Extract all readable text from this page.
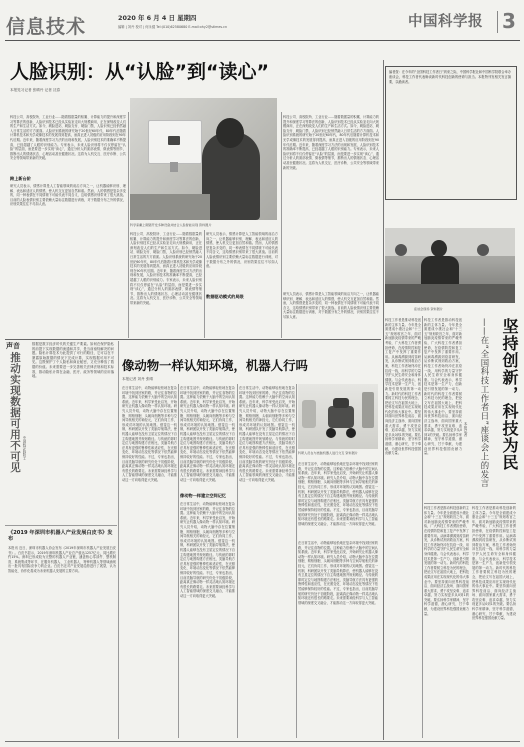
信息技术	2020 年 6 月 4 日 星期四
编辑 | 刘丹 校对 | 何永健 Tel:(010)62580680 E-mail:xhy2@stimes.cn	中国科学报 3
人脸识别：从“认脸”到“读心”
本报见习记者 张晴丹 记者 沈春
科学家戴上眼镜开发多种设备并结合人脸智能识别 资料图片
科技公司、高校院所、工业行业……随着数据量的积累、计算能力的提升和深度学习等算法的创新，人脸识别技术已经从实验室走向大规模商用，正在深刻改变人们的生产和生活方式。如今，刷脸进站、刷脸支付、刷脸门禁，人脸识别已经悄然融入日常生活的方方面面。人脸识别系统的研究始于20世纪60年代，80年代后随着计算机技术和光学成像技术的发展得到提高，而真正进入初级的应用阶段则在90年代后期。近年来，随着深度学习方法的出现和发展，人脸识别技术的准确率不断提高，已经超越了人眼的识别能力。专家表示，未来人脸识别将不仅仅停留在“认脸”的层面，而是要进一步实现“读心”，通过分析人的面部表情、微表情等细节，推断出人的情绪状态、心理活动甚至健康状况。这将为人机交互、医疗诊断、公共安全等领域带来新的突破。
跨上新台阶
研究人员表示，情感计算是人工智能领域的前沿方向之一，让机器能够识别、理解、表达和适应人的情感，使人机交互更加自然和谐。然而，人的情感是复杂多变的，同一种表情在不同情境下可能代表不同含义，这给情感识别带来了很大挑战。目前的人脸表情识别主要依赖大量标注数据进行训练，对于数据分布之外的情况，识别效果往往不尽如人意。
科技公司、高校院所、工业行业……随着数据量的积累、计算能力的提升和深度学习等算法的创新，人脸识别技术已经从实验室走向大规模商用，正在深刻改变人们的生产和生活方式。如今，刷脸进站、刷脸支付、刷脸门禁，人脸识别已经悄然融入日常生活的方方面面。人脸识别系统的研究始于20世纪60年代，80年代后随着计算机技术和光学成像技术的发展得到提高，而真正进入初级的应用阶段则在90年代后期。近年来，随着深度学习方法的出现和发展，人脸识别技术的准确率不断提高，已经超越了人眼的识别能力。专家表示，未来人脸识别将不仅仅停留在“认脸”的层面，而是要进一步实现“读心”，通过分析人的面部表情、微表情等细节，推断出人的情绪状态、心理活动甚至健康状况。这将为人机交互、医疗诊断、公共安全等领域带来新的突破。
研究人员表示，情感计算是人工智能领域的前沿方向之一，让机器能够识别、理解、表达和适应人的情感，使人机交互更加自然和谐。然而，人的情感是复杂多变的，同一种表情在不同情境下可能代表不同含义，这给情感识别带来了很大挑战。目前的人脸表情识别主要依赖大量标注数据进行训练，对于数据分布之外的情况，识别效果往往不尽如人意。
科技公司、高校院所、工业行业……随着数据量的积累、计算能力的提升和深度学习等算法的创新，人脸识别技术已经从实验室走向大规模商用，正在深刻改变人们的生产和生活方式。如今，刷脸进站、刷脸支付、刷脸门禁，人脸识别已经悄然融入日常生活的方方面面。人脸识别系统的研究始于20世纪60年代，80年代后随着计算机技术和光学成像技术的发展得到提高，而真正进入初级的应用阶段则在90年代后期。近年来，随着深度学习方法的出现和发展，人脸识别技术的准确率不断提高，已经超越了人眼的识别能力。专家表示，未来人脸识别将不仅仅停留在“认脸”的层面，而是要进一步实现“读心”，通过分析人的面部表情、微表情等细节，推断出人的情绪状态、心理活动甚至健康状况。这将为人机交互、医疗诊断、公共安全等领域带来新的突破。
数据驱动模式的局限	研究人员表示，情感计算是人工智能领域的前沿方向之一，让机器能够识别、理解、表达和适应人的情感，使人机交互更加自然和谐。然而，人的情感是复杂多变的，同一种表情在不同情境下可能代表不同含义，这给情感识别带来了很大挑战。目前的人脸表情识别主要依赖大量标注数据进行训练，对于数据分布之外的情况，识别效果往往不尽如人意。
编者按：在今年的“全国科技工作者日”到来之际，中国科学报社和中国科学院联合举办座谈会，科技工作者代表畅谈新时代科技创新的使命与担当。本报特刊发相关发言摘要，以飨读者。
座谈会现场 资料图片
坚持创新，科技为民
——在“全国科技工作者日”座谈会上的发言
本报记者
科技工作者是推动科技创新的主体力量。今年是全面建成小康社会和“十三五”规划收官之年，面对新冠肺炎疫情带来的严峻考验，广大科技工作者勇担使命，在疫情防控和复工复产中发挥了重要作用。从病毒溯源到疫苗研发，从诊断试剂到救治方案，科技工作者始终冲在抗疫一线，用科学的力量守护人民生命安全和身体健康。与会代表表示，科学技术是第一生产力，创新是引领发展的第一动力。新时代的科技工作者要树立科技为民的理念，把论文写在祖国大地上，把科技成果应用在实现现代化的伟大事业中。要坚持面向世界科技前沿、面向经济主战场、面向国家重大需求，勇于攻坚克难、追求卓越，努力实现更多从0到1的突破。要弘扬科学家精神，坚守科学道德，潜心研究，甘于奉献，为建设世界科技强国贡献力量。
科技工作者是推动科技创新的主体力量。今年是全面建成小康社会和“十三五”规划收官之年，面对新冠肺炎疫情带来的严峻考验，广大科技工作者勇担使命，在疫情防控和复工复产中发挥了重要作用。从病毒溯源到疫苗研发，从诊断试剂到救治方案，科技工作者始终冲在抗疫一线，用科学的力量守护人民生命安全和身体健康。与会代表表示，科学技术是第一生产力，创新是引领发展的第一动力。新时代的科技工作者要树立科技为民的理念，把论文写在祖国大地上，把科技成果应用在实现现代化的伟大事业中。要坚持面向世界科技前沿、面向经济主战场、面向国家重大需求，勇于攻坚克难、追求卓越，努力实现更多从0到1的突破。要弘扬科学家精神，坚守科学道德，潜心研究，甘于奉献，为建设世界科技强国贡献力量。
科技工作者是推动科技创新的主体力量。今年是全面建成小康社会和“十三五”规划收官之年，面对新冠肺炎疫情带来的严峻考验，广大科技工作者勇担使命，在疫情防控和复工复产中发挥了重要作用。从病毒溯源到疫苗研发，从诊断试剂到救治方案，科技工作者始终冲在抗疫一线，用科学的力量守护人民生命安全和身体健康。与会代表表示，科学技术是第一生产力，创新是引领发展的第一动力。新时代的科技工作者要树立科技为民的理念，把论文写在祖国大地上，把科技成果应用在实现现代化的伟大事业中。要坚持面向世界科技前沿、面向经济主战场、面向国家重大需求，勇于攻坚克难、追求卓越，努力实现更多从0到1的突破。要弘扬科学家精神，坚守科学道德，潜心研究，甘于奉献，为建设世界科技强国贡献力量。
科技工作者是推动科技创新的主体力量。今年是全面建成小康社会和“十三五”规划收官之年，面对新冠肺炎疫情带来的严峻考验，广大科技工作者勇担使命，在疫情防控和复工复产中发挥了重要作用。从病毒溯源到疫苗研发，从诊断试剂到救治方案，科技工作者始终冲在抗疫一线，用科学的力量守护人民生命安全和身体健康。与会代表表示，科学技术是第一生产力，创新是引领发展的第一动力。新时代的科技工作者要树立科技为民的理念，把论文写在祖国大地上，把科技成果应用在实现现代化的伟大事业中。要坚持面向世界科技前沿、面向经济主战场、面向国家重大需求，勇于攻坚克难、追求卓越，努力实现更多从0到1的突破。要弘扬科学家精神，坚守科学道德，潜心研究，甘于奉献，为建设世界科技强国贡献力量。
声音
推动实现数据可用不可见 中国科学院院士
数据是数字经济时代的关键生产要素。如何在保护隐私的前提下实现数据的流通和共享，是当前亟待解决的问题。隐私计算技术为此提供了可行的路径，它可以在不暴露原始数据的情况下完成计算，实现数据可用不可见。这既保护了个人隐私和商业秘密，又充分释放了数据的价值。未来需要进一步完善相关法律法规和技术标准，推动隐私计算在金融、医疗、政务等领域的应用落地。
《2019 年深圳市机器人产业发展白皮书》发布
本报讯 近日，深圳市机器人协会发布《2019年深圳市机器人产业发展白皮书》。白皮书显示，2019年深圳机器人产业总产值达1257亿元，同比增长约15%。深圳已形成较为完整的机器人产业链，涵盖核心零部件、整机制造、系统集成等环节，在服务机器人、工业机器人、特种机器人等领域涌现出一批具有国际竞争力的企业。白皮书还对产业发展趋势进行了展望，认为智能化、协作化将成为未来机器人发展的主要方向。
像动物一样认知环境，机器人行吗
本报记者 刘丹 张晴
科研人员在与类脑机器人进行交互 资料图片
在日常生活中，动物能够轻松地在复杂环境中找到回家的路，并记住食物的位置。这种能力依赖于大脑中的空间认知系统。近年来，科学家受此启发，开始研究让机器人像动物一样认知环境。研究人员介绍，动物大脑中存在位置细胞、网格细胞、头朝向细胞等多种与空间导航相关的神经元，它们协同工作，形成对环境的认知地图。借鉴这一机制，科研团队开发了类脑导航算法，使机器人能够在没有卫星定位的情况下自主构建地图并规划路径。与传统的即时定位与地图构建方法相比，类脑导航方法具有更强的鲁棒性和适应性，在光照变化、环境动态变化等情况下依然能够保持较好的性能。不过，专家也指出，目前类脑导航的研究仍处于初级阶段，距离真正像动物一样灵活地认知环境还有很长的路要走。未来需要神经科学与人工智能领域的深度交叉融合，才能推动这一方向取得更大突破。
像动物一样建立空间记忆
在日常生活中，动物能够轻松地在复杂环境中找到回家的路，并记住食物的位置。这种能力依赖于大脑中的空间认知系统。近年来，科学家受此启发，开始研究让机器人像动物一样认知环境。研究人员介绍，动物大脑中存在位置细胞、网格细胞、头朝向细胞等多种与空间导航相关的神经元，它们协同工作，形成对环境的认知地图。借鉴这一机制，科研团队开发了类脑导航算法，使机器人能够在没有卫星定位的情况下自主构建地图并规划路径。与传统的即时定位与地图构建方法相比，类脑导航方法具有更强的鲁棒性和适应性，在光照变化、环境动态变化等情况下依然能够保持较好的性能。不过，专家也指出，目前类脑导航的研究仍处于初级阶段，距离真正像动物一样灵活地认知环境还有很长的路要走。未来需要神经科学与人工智能领域的深度交叉融合，才能推动这一方向取得更大突破。
在日常生活中，动物能够轻松地在复杂环境中找到回家的路，并记住食物的位置。这种能力依赖于大脑中的空间认知系统。近年来，科学家受此启发，开始研究让机器人像动物一样认知环境。研究人员介绍，动物大脑中存在位置细胞、网格细胞、头朝向细胞等多种与空间导航相关的神经元，它们协同工作，形成对环境的认知地图。借鉴这一机制，科研团队开发了类脑导航算法，使机器人能够在没有卫星定位的情况下自主构建地图并规划路径。与传统的即时定位与地图构建方法相比，类脑导航方法具有更强的鲁棒性和适应性，在光照变化、环境动态变化等情况下依然能够保持较好的性能。不过，专家也指出，目前类脑导航的研究仍处于初级阶段，距离真正像动物一样灵活地认知环境还有很长的路要走。未来需要神经科学与人工智能领域的深度交叉融合，才能推动这一方向取得更大突破。
在日常生活中，动物能够轻松地在复杂环境中找到回家的路，并记住食物的位置。这种能力依赖于大脑中的空间认知系统。近年来，科学家受此启发，开始研究让机器人像动物一样认知环境。研究人员介绍，动物大脑中存在位置细胞、网格细胞、头朝向细胞等多种与空间导航相关的神经元，它们协同工作，形成对环境的认知地图。借鉴这一机制，科研团队开发了类脑导航算法，使机器人能够在没有卫星定位的情况下自主构建地图并规划路径。与传统的即时定位与地图构建方法相比，类脑导航方法具有更强的鲁棒性和适应性，在光照变化、环境动态变化等情况下依然能够保持较好的性能。不过，专家也指出，目前类脑导航的研究仍处于初级阶段，距离真正像动物一样灵活地认知环境还有很长的路要走。未来需要神经科学与人工智能领域的深度交叉融合，才能推动这一方向取得更大突破。
在日常生活中，动物能够轻松地在复杂环境中找到回家的路，并记住食物的位置。这种能力依赖于大脑中的空间认知系统。近年来，科学家受此启发，开始研究让机器人像动物一样认知环境。研究人员介绍，动物大脑中存在位置细胞、网格细胞、头朝向细胞等多种与空间导航相关的神经元，它们协同工作，形成对环境的认知地图。借鉴这一机制，科研团队开发了类脑导航算法，使机器人能够在没有卫星定位的情况下自主构建地图并规划路径。与传统的即时定位与地图构建方法相比，类脑导航方法具有更强的鲁棒性和适应性，在光照变化、环境动态变化等情况下依然能够保持较好的性能。不过，专家也指出，目前类脑导航的研究仍处于初级阶段，距离真正像动物一样灵活地认知环境还有很长的路要走。未来需要神经科学与人工智能领域的深度交叉融合，才能推动这一方向取得更大突破。
在日常生活中，动物能够轻松地在复杂环境中找到回家的路，并记住食物的位置。这种能力依赖于大脑中的空间认知系统。近年来，科学家受此启发，开始研究让机器人像动物一样认知环境。研究人员介绍，动物大脑中存在位置细胞、网格细胞、头朝向细胞等多种与空间导航相关的神经元，它们协同工作，形成对环境的认知地图。借鉴这一机制，科研团队开发了类脑导航算法，使机器人能够在没有卫星定位的情况下自主构建地图并规划路径。与传统的即时定位与地图构建方法相比，类脑导航方法具有更强的鲁棒性和适应性，在光照变化、环境动态变化等情况下依然能够保持较好的性能。不过，专家也指出，目前类脑导航的研究仍处于初级阶段，距离真正像动物一样灵活地认知环境还有很长的路要走。未来需要神经科学与人工智能领域的深度交叉融合，才能推动这一方向取得更大突破。
